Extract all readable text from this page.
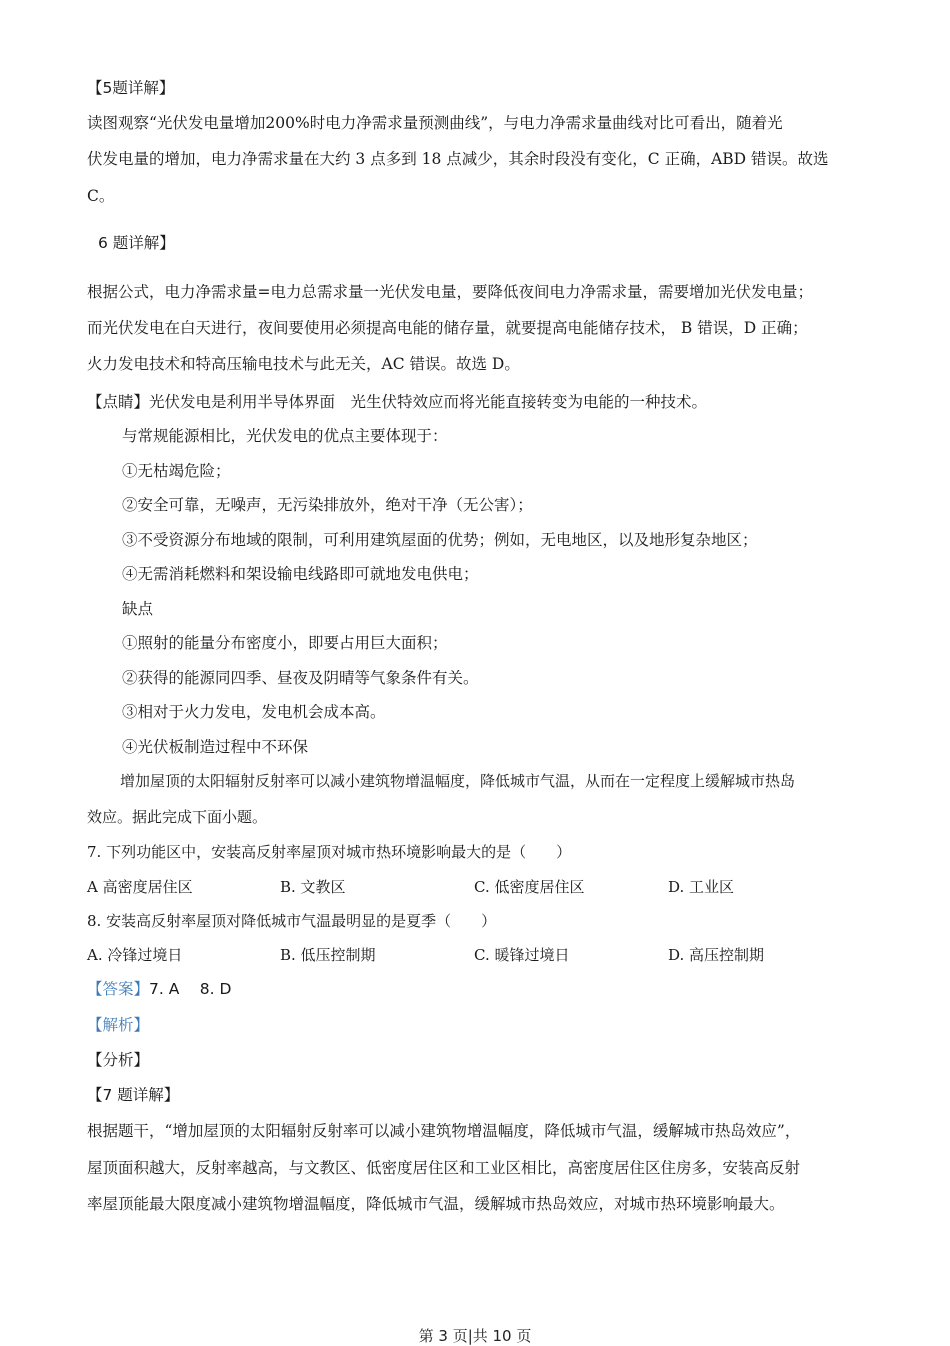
【5题详解】
读图观察“光伏发电量增加200%时电力净需求量预测曲线”，与电力净需求量曲线对比可看出，随着光
伏发电量的增加，电力净需求量在大约 3 点多到 18 点减少，其余时段没有变化，C 正确，ABD 错误。故选
C。
6 题详解】
根据公式，电力净需求量=电力总需求量一光伏发电量，要降低夜间电力净需求量，需要增加光伏发电量；
而光伏发电在白天进行，夜间要使用必须提高电能的储存量，就要提高电能储存技术， B 错误，D 正确；
火力发电技术和特高压输电技术与此无关，AC 错误。故选 D。
【点睛】光伏发电是利用半导体界面　光生伏特效应而将光能直接转变为电能的一种技术。
与常规能源相比，光伏发电的优点主要体现于：
①无枯竭危险；
②安全可靠，无噪声，无污染排放外，绝对干净（无公害）；
③不受资源分布地域的限制，可利用建筑屋面的优势；例如，无电地区，以及地形复杂地区；
④无需消耗燃料和架设输电线路即可就地发电供电；
缺点
①照射的能量分布密度小，即要占用巨大面积；
②获得的能源同四季、昼夜及阴晴等气象条件有关。
③相对于火力发电，发电机会成本高。
④光伏板制造过程中不环保
增加屋顶的太阳辐射反射率可以减小建筑物增温幅度，降低城市气温，从而在一定程度上缓解城市热岛
效应。据此完成下面小题。
7. 下列功能区中，安装高反射率屋顶对城市热环境影响最大的是（　　）
A 高密度居住区	B. 文教区	C. 低密度居住区	D. 工业区
8. 安装高反射率屋顶对降低城市气温最明显的是夏季（　　）
A. 冷锋过境日	B. 低压控制期	C. 暖锋过境日	D. 高压控制期
【答案】7. A　 8. D
【解析】
【分析】
【7 题详解】
根据题干，“增加屋顶的太阳辐射反射率可以减小建筑物增温幅度，降低城市气温，缓解城市热岛效应”，
屋顶面积越大，反射率越高，与文教区、低密度居住区和工业区相比，高密度居住区住房多，安装高反射
率屋顶能最大限度减小建筑物增温幅度，降低城市气温，缓解城市热岛效应，对城市热环境影响最大。
第 3 页|共 10 页
